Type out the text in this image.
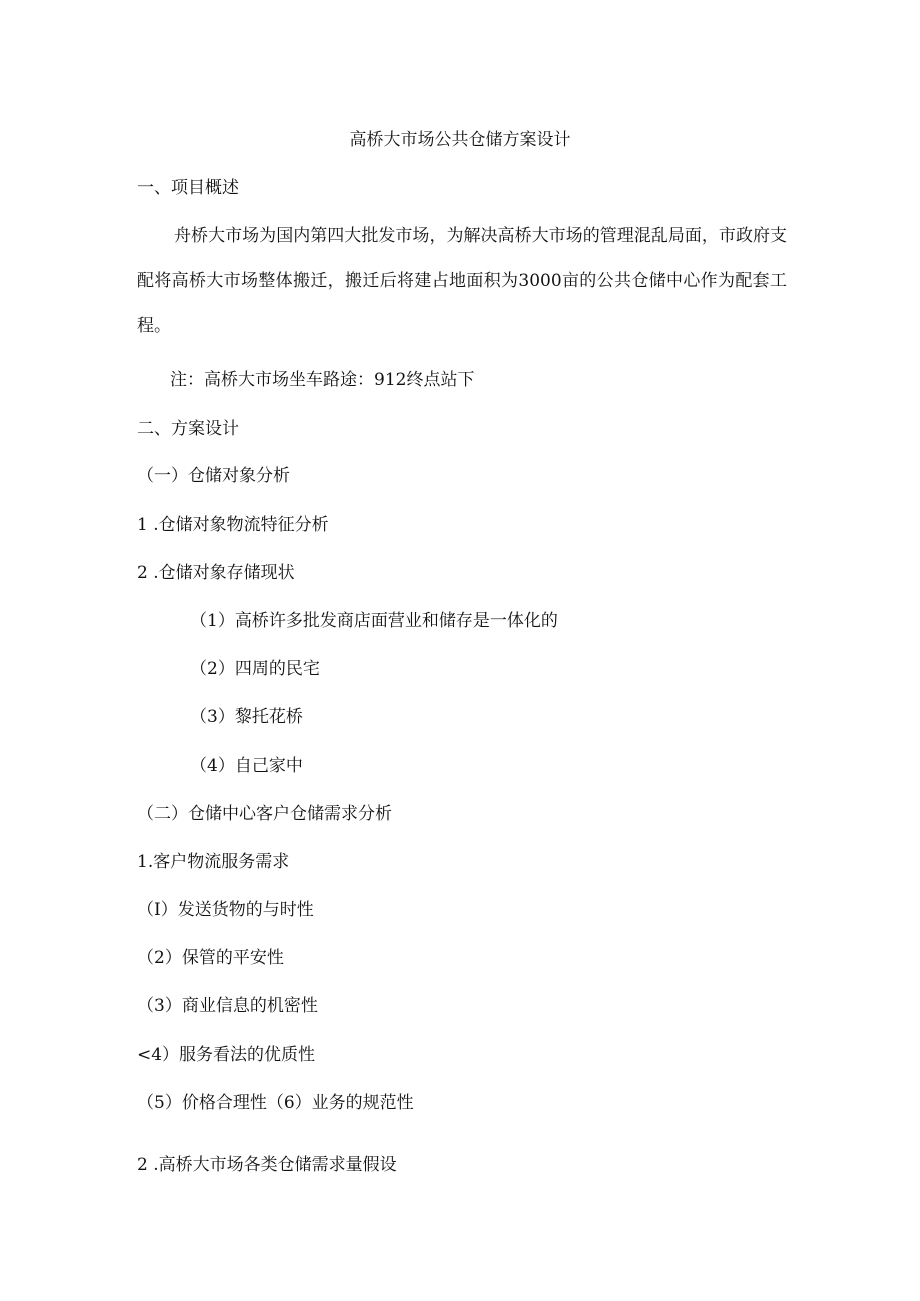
高桥大市场公共仓储方案设计
一、项目概述
舟桥大市场为国内第四大批发市场，为解决高桥大市场的管理混乱局面，市政府支配将高桥大市场整体搬迁，搬迁后将建占地面积为3000亩的公共仓储中心作为配套工程。
注：高桥大市场坐车路途：912终点站下
二、方案设计
（一）仓储对象分析
1 .仓储对象物流特征分析
2 .仓储对象存储现状
（1）高桥许多批发商店面营业和储存是一体化的
（2）四周的民宅
（3）黎托花桥
（4）自己家中
（二）仓储中心客户仓储需求分析
1.客户物流服务需求
（I）发送货物的与时性
（2）保管的平安性
（3）商业信息的机密性
<4）服务看法的优质性
（5）价格合理性（6）业务的规范性
2 .高桥大市场各类仓储需求量假设
